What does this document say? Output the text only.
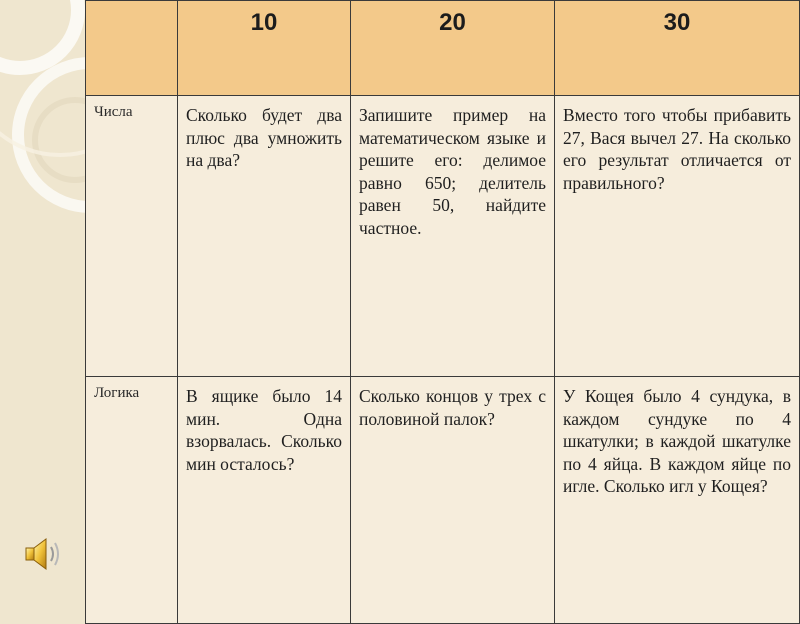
	10	20	30
Числа	Сколько будет два плюс два умножить на два?	Запишите пример на математическом языке и решите его: делимое равно 650; делитель равен 50, найдите частное.	Вместо того чтобы прибавить 27, Вася вычел 27. На сколько его результат отличается от правильного?
Логика	В ящике было 14 мин. Одна взорвалась. Сколько мин осталось?	Сколько концов у трех с половиной палок?	У Кощея было 4 сундука, в каждом сундуке по 4 шкатулки; в каждой шкатулке по 4 яйца. В каждом яйце по игле. Сколько игл у Кощея?
